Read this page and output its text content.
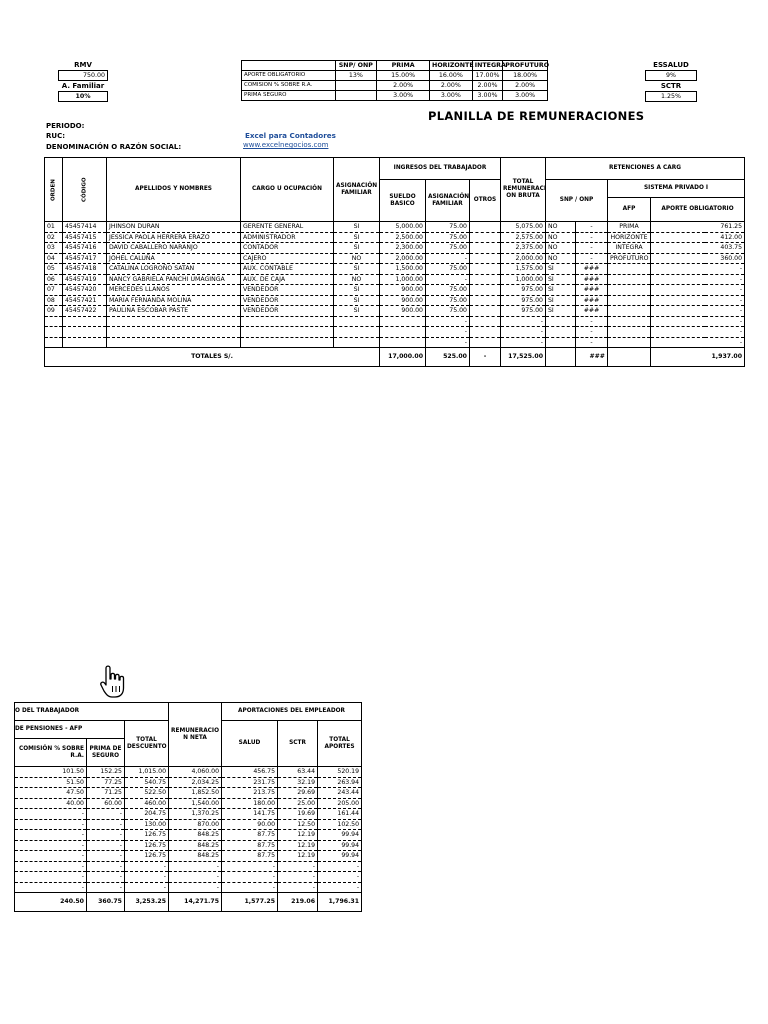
RMV
750.00
A. Familiar
10%
	SNP/ ONP	PRIMA	HORIZONTE	INTEGRA	PROFUTURO
APORTE OBLIGATORIO	13%	15.00%	16.00%	17.00%	18.00%
COMISION % SOBRE R.A.		2.00%	2.00%	2.00%	2.00%
PRIMA SEGURO		3.00%	3.00%	3.00%	3.00%
ESSALUD
9%
SCTR
1.25%
PLANILLA DE REMUNERACIONES
PERIODO:
RUC:
DENOMINACIÓN O RAZÓN SOCIAL:
Excel para Contadores
www.excelnegocios.com
ORDEN	CÓDIGO	APELLIDOS Y NOMBRES	CARGO U OCUPACIÓN	ASIGNACIÓN FAMILIAR	INGRESOS DEL TRABAJADOR			TOTAL REMUNERACI ON BRUTA	RETENCIONES A CARG			
					SUELDO BASICO	ASIGNACIÓN FAMILIAR	OTROS		SNP / ONP		SISTEMA PRIVADO I	
											AFP	APORTE OBLIGATORIO
01	45457414	JHINSON DURAN	GERENTE GENERAL	SI	5,000.00	75.00		5,075.00	NO	-	PRIMA	761.25
02	45457415	JESSICA PAOLA HERRERA ERAZO	ADMINISTRADOR	SI	2,500.00	75.00		2,575.00	NO	-	HORIZONTE	412.00
03	45457416	DAVID CABALLERO NARANJO	CONTADOR	SI	2,300.00	75.00		2,375.00	NO	-	INTEGRA	403.75
04	45457417	JOHEL CALUÑA	CAJERO	NO	2,000.00	-		2,000.00	NO	-	PROFUTURO	360.00
05	45457418	CATALINA LOGROÑO SATAN	AUX. CONTABLE	SI	1,500.00	75.00		1,575.00	SI	###		-
06	45457419	NANCY GABRIELA PANCHI UMAGINGA	AUX. DE CAJA	NO	1,000.00	-		1,000.00	SI	###		-
07	45457420	MERCEDES LLANOS	VENDEDOR	SI	900.00	75.00		975.00	SI	###		-
08	45457421	MARIA FERNANDA MOLINA	VENDEDOR	SI	900.00	75.00		975.00	SI	###		-
09	45457422	PAULINA ESCOBAR PASTE	VENDEDOR	SI	900.00	75.00		975.00	SI	###		-
						-		-		-		-
						-		-		-		-
						-		-		-		-
TOTALES S/.					17,000.00	525.00	-	17,525.00		###		1,937.00
O DEL TRABAJADOR			REMUNERACIO N NETA	APORTACIONES DEL EMPLEADOR		
DE PENSIONES - AFP		TOTAL DESCUENTO		SALUD	SCTR	TOTAL APORTES
COMISIÓN % SOBRE R.A.	PRIMA DE SEGURO					
101.50	152.25	1,015.00	4,060.00	456.75	63.44	520.19
51.50	77.25	540.75	2,034.25	231.75	32.19	263.94
47.50	71.25	522.50	1,852.50	213.75	29.69	243.44
40.00	60.00	460.00	1,540.00	180.00	25.00	205.00
-	-	204.75	1,370.25	141.75	19.69	161.44
-	-	130.00	870.00	90.00	12.50	102.50
-	-	126.75	848.25	87.75	12.19	99.94
-	-	126.75	848.25	87.75	12.19	99.94
-	-	126.75	848.25	87.75	12.19	99.94
-	-	-	-	-	-	-
-	-	-	-	-	-	-
-	-	-	-	-	-	-
240.50	360.75	3,253.25	14,271.75	1,577.25	219.06	1,796.31
